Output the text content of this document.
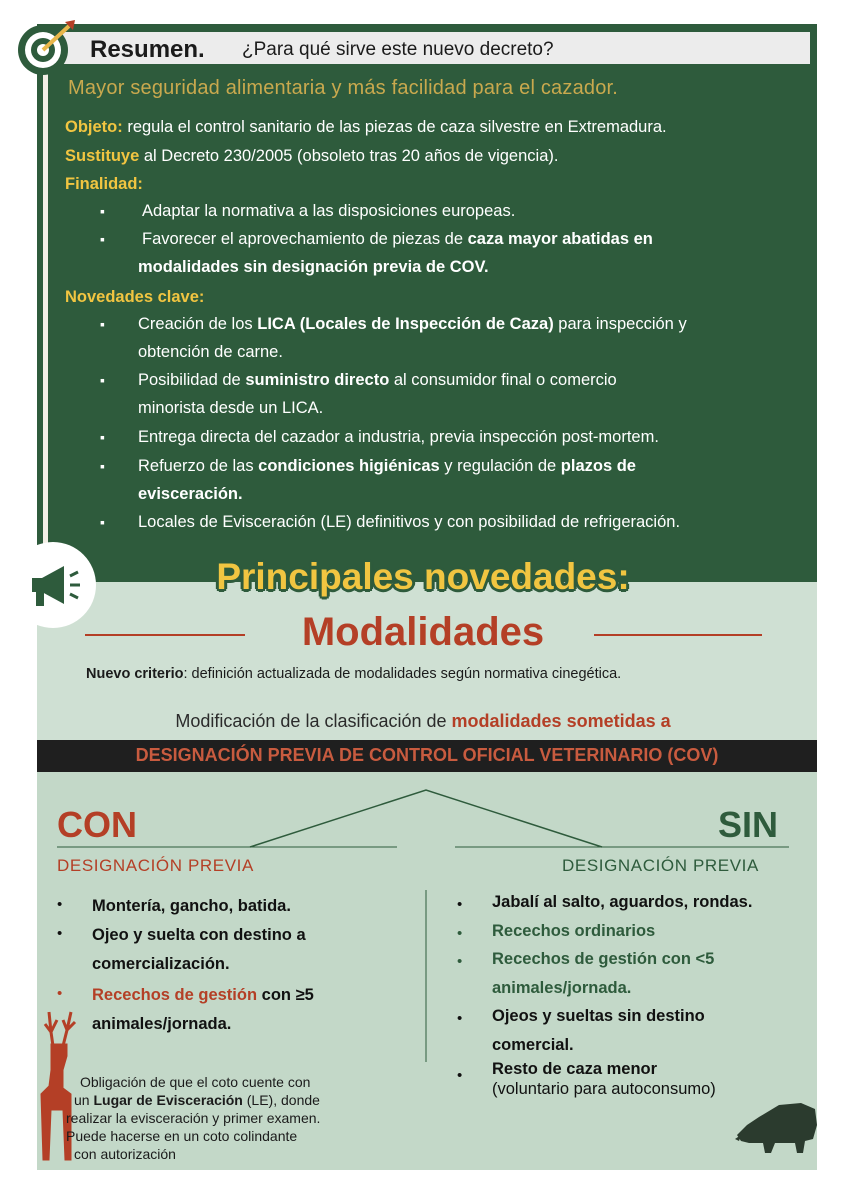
Resumen. ¿Para qué sirve este nuevo decreto?
Mayor seguridad alimentaria y más facilidad para el cazador.
Objeto: regula el control sanitario de las piezas de caza silvestre en Extremadura.
Sustituye al Decreto 230/2005 (obsoleto tras 20 años de vigencia).
Finalidad:
▪ Adaptar la normativa a las disposiciones europeas.
▪ Favorecer el aprovechamiento de piezas de caza mayor abatidas en
modalidades sin designación previa de COV.
Novedades clave:
▪ Creación de los LICA (Locales de Inspección de Caza) para inspección y
obtención de carne.
▪ Posibilidad de suministro directo al consumidor final o comercio
minorista desde un LICA.
▪ Entrega directa del cazador a industria, previa inspección post-mortem.
▪ Refuerzo de las condiciones higiénicas y regulación de plazos de
evisceración.
▪ Locales de Evisceración (LE) definitivos y con posibilidad de refrigeración.
Principales novedades:
Modalidades
Nuevo criterio: definición actualizada de modalidades según normativa cinegética.
Modificación de la clasificación de modalidades sometidas a
DESIGNACIÓN PREVIA DE CONTROL OFICIAL VETERINARIO (COV)
CON	SIN
DESIGNACIÓN PREVIA	DESIGNACIÓN PREVIA
• Montería, gancho, batida.
• Ojeo y suelta con destino a
comercialización.
• Recechos de gestión con ≥5
animales/jornada.
Obligación de que el coto cuente con
un Lugar de Evisceración (LE), donde
realizar la evisceración y primer examen.
Puede hacerse en un coto colindante
con autorización
• Jabalí al salto, aguardos, rondas.
• Recechos ordinarios
• Recechos de gestión con <5
animales/jornada.
• Ojeos y sueltas sin destino
comercial.
• Resto de caza menor
(voluntario para autoconsumo)
